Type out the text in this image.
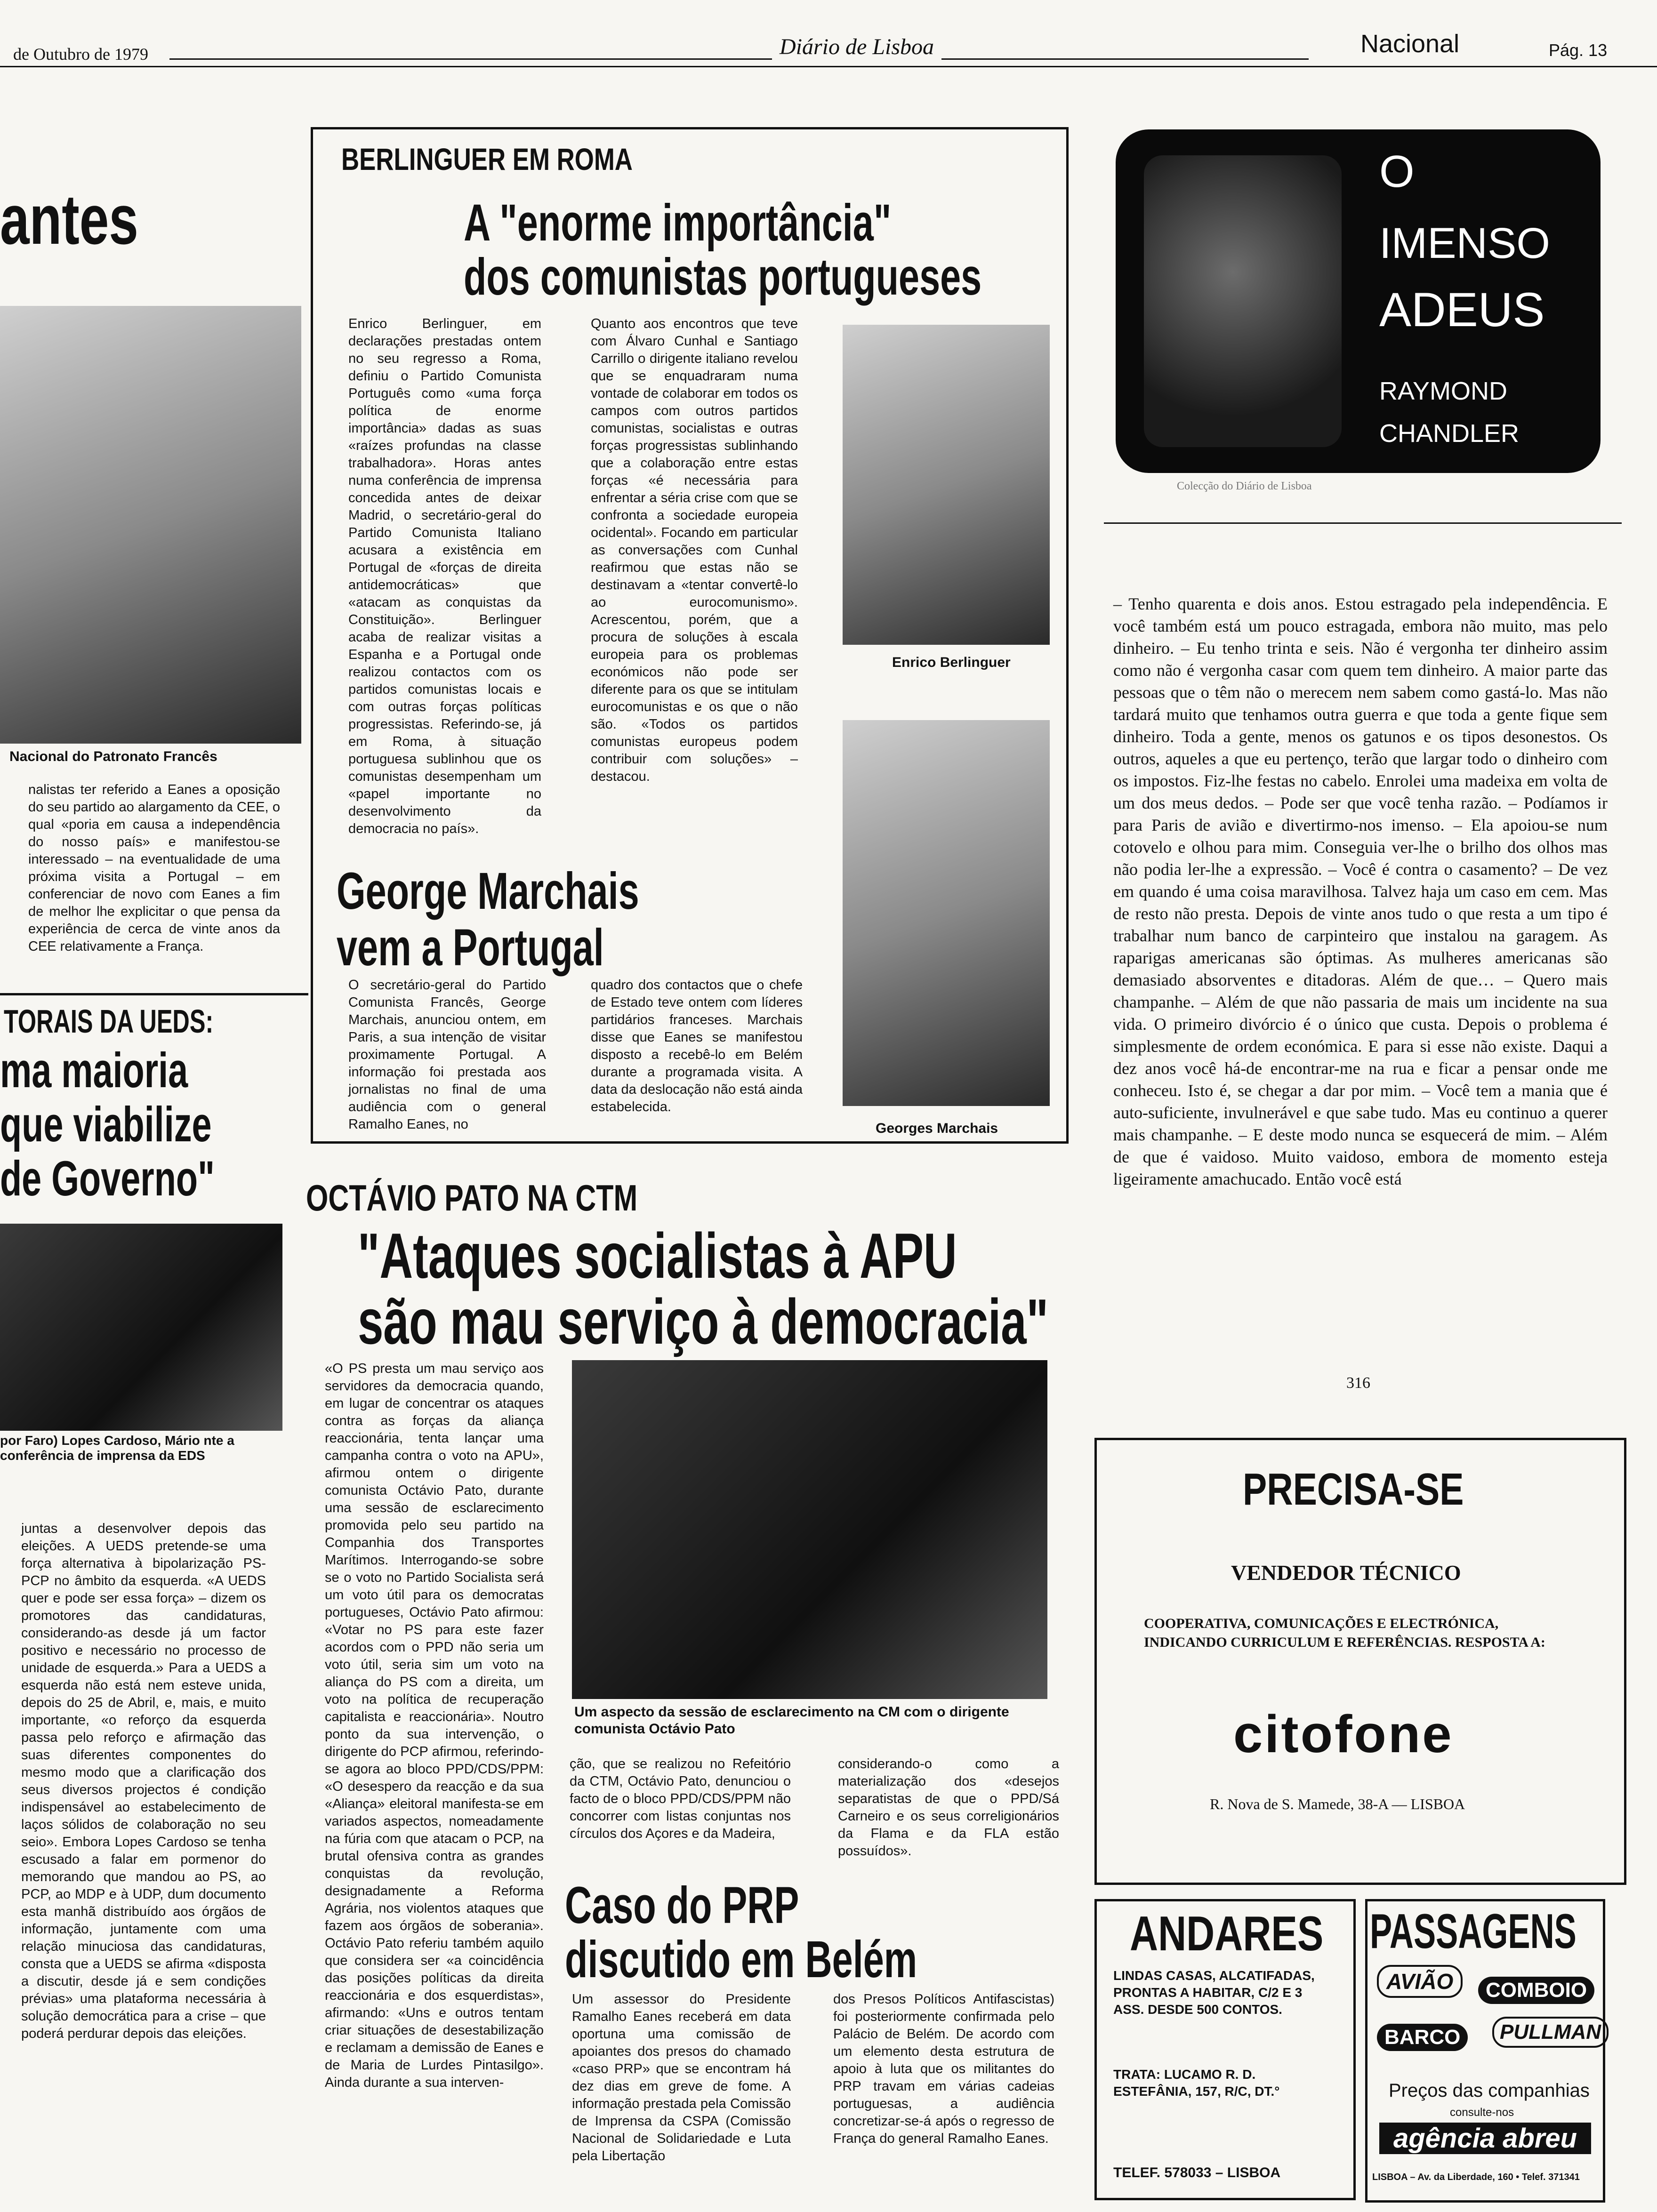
de Outubro de 1979	Diário de Lisboa	Nacional	Pág. 13
antes
Nacional do Patronato Francês
nalistas ter referido a Eanes a oposição do seu partido ao alargamento da CEE, o qual «poria em causa a independência do nosso país» e manifestou-se interessado – na eventualidade de uma próxima visita a Portugal – em conferenciar de novo com Eanes a fim de melhor lhe explicitar o que pensa da experiência de cerca de vinte anos da CEE relativamente a França.
TORAIS DA UEDS:
ma maioria
que viabilize
de Governo"
por Faro) Lopes Cardoso, Mário nte a conferência de imprensa da EDS
juntas a desenvolver depois das eleições. A UEDS pretende-se uma força alternativa à bipolarização PS-PCP no âmbito da esquerda. «A UEDS quer e pode ser essa força» – dizem os promotores das candidaturas, considerando-as desde já um factor positivo e necessário no processo de unidade de esquerda.» Para a UEDS a esquerda não está nem esteve unida, depois do 25 de Abril, e, mais, e muito importante, «o reforço da esquerda passa pelo reforço e afirmação das suas diferentes componentes do mesmo modo que a clarificação dos seus diversos projectos é condição indispensável ao estabelecimento de laços sólidos de colaboração no seu seio». Embora Lopes Cardoso se tenha escusado a falar em pormenor do memorando que mandou ao PS, ao PCP, ao MDP e à UDP, dum documento esta manhã distribuído aos órgãos de informação, juntamente com uma relação minuciosa das candidaturas, consta que a UEDS se afirma «disposta a discutir, desde já e sem condições prévias» uma plataforma necessária à solução democrática para a crise – que poderá perdurar depois das eleições.
BERLINGUER EM ROMA
A "enorme importância"
dos comunistas portugueses
Enrico Berlinguer, em declarações prestadas ontem no seu regresso a Roma, definiu o Partido Comunista Português como «uma força política de enorme importância» dadas as suas «raízes profundas na classe trabalhadora». Horas antes numa conferência de imprensa concedida antes de deixar Madrid, o secretário-geral do Partido Comunista Italiano acusara a existência em Portugal de «forças de direita antidemocráticas» que «atacam as conquistas da Constituição». Berlinguer acaba de realizar visitas a Espanha e a Portugal onde realizou contactos com os partidos comunistas locais e com outras forças políticas progressistas. Referindo-se, já em Roma, à situação portuguesa sublinhou que os comunistas desempenham um «papel importante no desenvolvimento da democracia no país».
Quanto aos encontros que teve com Álvaro Cunhal e Santiago Carrillo o dirigente italiano revelou que se enquadraram numa vontade de colaborar em todos os campos com outros partidos comunistas, socialistas e outras forças progressistas sublinhando que a colaboração entre estas forças «é necessária para enfrentar a séria crise com que se confronta a sociedade europeia ocidental». Focando em particular as conversações com Cunhal reafirmou que estas não se destinavam a «tentar convertê-lo ao eurocomunismo». Acrescentou, porém, que a procura de soluções à escala europeia para os problemas económicos não pode ser diferente para os que se intitulam eurocomunistas e os que o não são. «Todos os partidos comunistas europeus podem contribuir com soluções» – destacou.
Enrico Berlinguer
Georges Marchais
George Marchais
vem a Portugal
O secretário-geral do Partido Comunista Francês, George Marchais, anunciou ontem, em Paris, a sua intenção de visitar proximamente Portugal. A informação foi prestada aos jornalistas no final de uma audiência com o general Ramalho Eanes, no
quadro dos contactos que o chefe de Estado teve ontem com líderes partidários franceses. Marchais disse que Eanes se manifestou disposto a recebê-lo em Belém durante a programada visita. A data da deslocação não está ainda estabelecida.
OCTÁVIO PATO NA CTM
"Ataques socialistas à APU
são mau serviço à democracia"
«O PS presta um mau serviço aos servidores da democracia quando, em lugar de concentrar os ataques contra as forças da aliança reaccionária, tenta lançar uma campanha contra o voto na APU», afirmou ontem o dirigente comunista Octávio Pato, durante uma sessão de esclarecimento promovida pelo seu partido na Companhia dos Transportes Marítimos. Interrogando-se sobre se o voto no Partido Socialista será um voto útil para os democratas portugueses, Octávio Pato afirmou: «Votar no PS para este fazer acordos com o PPD não seria um voto útil, seria sim um voto na aliança do PS com a direita, um voto na política de recuperação capitalista e reaccionária». Noutro ponto da sua intervenção, o dirigente do PCP afirmou, referindo-se agora ao bloco PPD/CDS/PPM: «O desespero da reacção e da sua «Aliança» eleitoral manifesta-se em variados aspectos, nomeadamente na fúria com que atacam o PCP, na brutal ofensiva contra as grandes conquistas da revolução, designadamente a Reforma Agrária, nos violentos ataques que fazem aos órgãos de soberania». Octávio Pato referiu também aquilo que considera ser «a coincidência das posições políticas da direita reaccionária e dos esquerdistas», afirmando: «Uns e outros tentam criar situações de desestabilização e reclamam a demissão de Eanes e de Maria de Lurdes Pintasilgo». Ainda durante a sua interven-
Um aspecto da sessão de esclarecimento na CM com o dirigente comunista Octávio Pato
ção, que se realizou no Refeitório da CTM, Octávio Pato, denunciou o facto de o bloco PPD/CDS/PPM não concorrer com listas conjuntas nos círculos dos Açores e da Madeira,
considerando-o como a materialização dos «desejos separatistas de que o PPD/Sá Carneiro e os seus correligionários da Flama e da FLA estão possuídos».
Caso do PRP
discutido em Belém
Um assessor do Presidente Ramalho Eanes receberá em data oportuna uma comissão de apoiantes dos presos do chamado «caso PRP» que se encontram há dez dias em greve de fome. A informação prestada pela Comissão de Imprensa da CSPA (Comissão Nacional de Solidariedade e Luta pela Libertação
dos Presos Políticos Antifascistas) foi posteriormente confirmada pelo Palácio de Belém. De acordo com um elemento desta estrutura de apoio à luta que os militantes do PRP travam em várias cadeias portuguesas, a audiência concretizar-se-á após o regresso de França do general Ramalho Eanes.
O
IMENSO
ADEUS
RAYMOND
CHANDLER
Colecção do Diário de Lisboa
– Tenho quarenta e dois anos. Estou estragado pela independência. E você também está um pouco estragada, embora não muito, mas pelo dinheiro. – Eu tenho trinta e seis. Não é vergonha ter dinheiro assim como não é vergonha casar com quem tem dinheiro. A maior parte das pessoas que o têm não o merecem nem sabem como gastá-lo. Mas não tardará muito que tenhamos outra guerra e que toda a gente fique sem dinheiro. Toda a gente, menos os gatunos e os tipos desonestos. Os outros, aqueles a que eu pertenço, terão que largar todo o dinheiro com os impostos. Fiz-lhe festas no cabelo. Enrolei uma madeixa em volta de um dos meus dedos. – Pode ser que você tenha razão. – Podíamos ir para Paris de avião e divertirmo-nos imenso. – Ela apoiou-se num cotovelo e olhou para mim. Conseguia ver-lhe o brilho dos olhos mas não podia ler-lhe a expressão. – Você é contra o casamento? – De vez em quando é uma coisa maravilhosa. Talvez haja um caso em cem. Mas de resto não presta. Depois de vinte anos tudo o que resta a um tipo é trabalhar num banco de carpinteiro que instalou na garagem. As raparigas americanas são óptimas. As mulheres americanas são demasiado absorventes e ditadoras. Além de que… – Quero mais champanhe. – Além de que não passaria de mais um incidente na sua vida. O primeiro divórcio é o único que custa. Depois o problema é simplesmente de ordem económica. E para si esse não existe. Daqui a dez anos você há-de encontrar-me na rua e ficar a pensar onde me conheceu. Isto é, se chegar a dar por mim. – Você tem a mania que é auto-suficiente, invulnerável e que sabe tudo. Mas eu continuo a querer mais champanhe. – E deste modo nunca se esquecerá de mim. – Além de que é vaidoso. Muito vaidoso, embora de momento esteja ligeiramente amachucado. Então você está
316
PRECISA-SE
VENDEDOR TÉCNICO
COOPERATIVA, COMUNICAÇÕES E ELECTRÓNICA, INDICANDO CURRICULUM E REFERÊNCIAS. RESPOSTA A:
citofone
R. Nova de S. Mamede, 38-A — LISBOA
ANDARES
LINDAS CASAS, ALCATIFADAS, PRONTAS A HABITAR, C/2 E 3 ASS. DESDE 500 CONTOS.
TRATA: LUCAMO R. D. ESTEFÂNIA, 157, R/C, DT.°
TELEF. 578033 – LISBOA
PASSAGENS
AVIÃO	COMBOIO
BARCO	PULLMAN
Preços das companhias
consulte-nos
agência abreu
LISBOA – Av. da Liberdade, 160 • Telef. 371341
